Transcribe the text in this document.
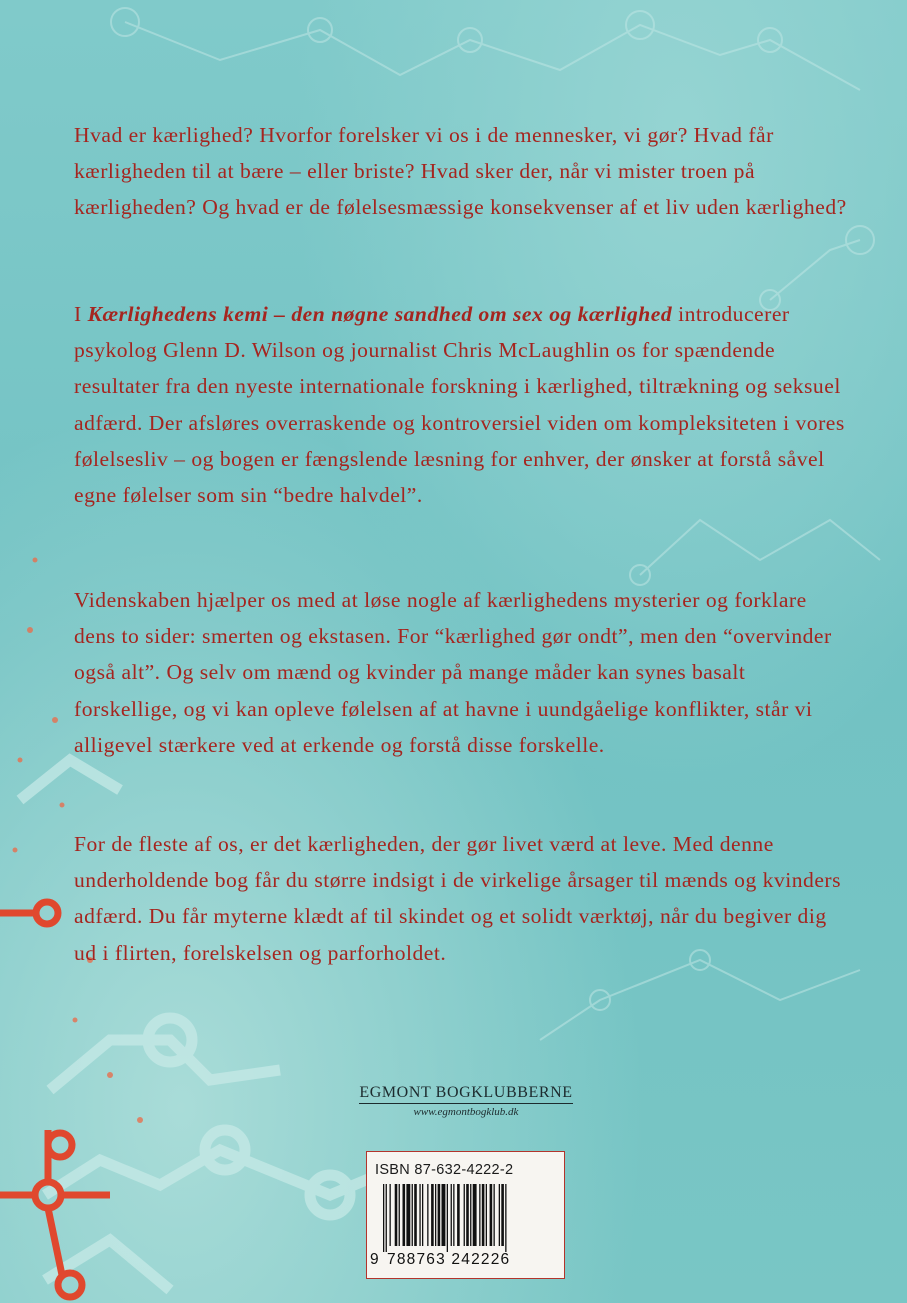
Hvad er kærlighed? Hvorfor forelsker vi os i de mennesker, vi gør? Hvad får kærligheden til at bære – eller briste? Hvad sker der, når vi mister troen på kærligheden? Og hvad er de følelsesmæssige konsekvenser af et liv uden kærlighed?

I Kærlighedens kemi – den nøgne sandhed om sex og kærlighed introducerer psykolog Glenn D. Wilson og journalist Chris McLaughlin os for spændende resultater fra den nyeste internationale forskning i kærlighed, tiltrækning og seksuel adfærd. Der afsløres overraskende og kontroversiel viden om kompleksiteten i vores følelsesliv – og bogen er fængslende læsning for enhver, der ønsker at forstå såvel egne følelser som sin “bedre halvdel”.

Videnskaben hjælper os med at løse nogle af kærlighedens mysterier og forklare dens to sider: smerten og ekstasen. For “kærlighed gør ondt”, men den “overvinder også alt”. Og selv om mænd og kvinder på mange måder kan synes basalt forskellige, og vi kan opleve følelsen af at havne i uundgåelige konflikter, står vi alligevel stærkere ved at erkende og forstå disse forskelle.

For de fleste af os, er det kærligheden, der gør livet værd at leve. Med denne underholdende bog får du større indsigt i de virkelige årsager til mænds og kvinders adfærd. Du får myterne klædt af til skindet og et solidt værktøj, når du begiver dig ud i flirten, forelskelsen og parforholdet.

EGMONT BOGKLUBBERNE
www.egmontbogklub.dk
ISBN 87-632-4222-2
9 788763 242226
